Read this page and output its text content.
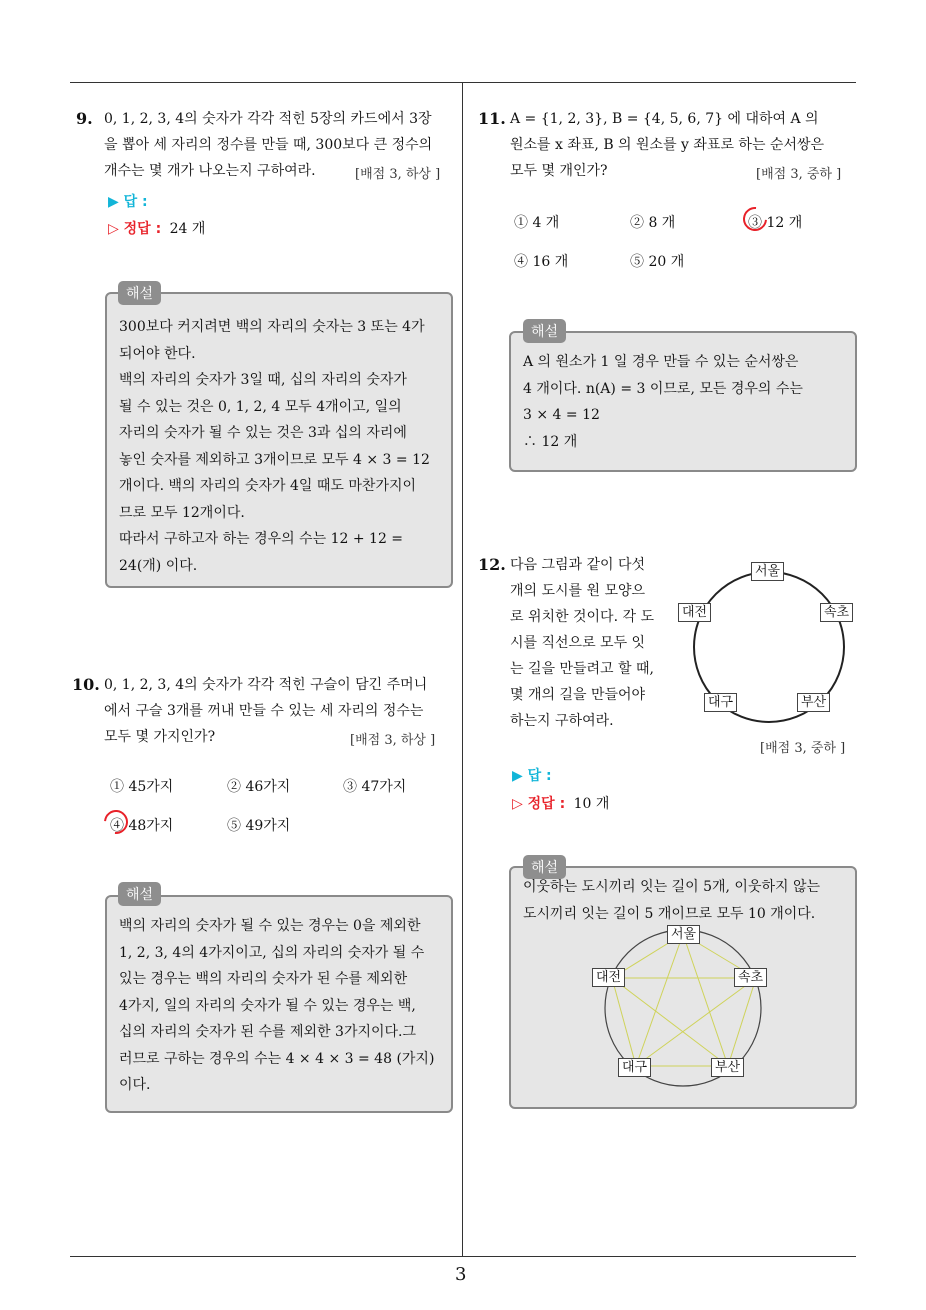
9. 0, 1, 2, 3, 4의 숫자가 각각 적힌 5장의 카드에서 3장
을 뽑아 세 자리의 정수를 만들 때, 300보다 큰 정수의
개수는 몇 개가 나오는지 구하여라.	[배점 3, 하상 ]
▶ 답 :
▷ 정답 : 24 개
300보다 커지려면 백의 자리의 숫자는 3 또는 4가
되어야 한다.
백의 자리의 숫자가 3일 때, 십의 자리의 숫자가
될 수 있는 것은 0, 1, 2, 4 모두 4개이고, 일의
자리의 숫자가 될 수 있는 것은 3과 십의 자리에
놓인 숫자를 제외하고 3개이므로 모두 4 × 3 = 12
개이다. 백의 자리의 숫자가 4일 때도 마찬가지이
므로 모두 12개이다.
따라서 구하고자 하는 경우의 수는 12 + 12 =
24(개) 이다.
해설
10. 0, 1, 2, 3, 4의 숫자가 각각 적힌 구슬이 담긴 주머니
에서 구슬 3개를 꺼내 만들 수 있는 세 자리의 정수는
모두 몇 가지인가?	[배점 3, 하상 ]
① 45가지	② 46가지	③ 47가지
④ 48가지	⑤ 49가지
백의 자리의 숫자가 될 수 있는 경우는 0을 제외한
1, 2, 3, 4의 4가지이고, 십의 자리의 숫자가 될 수
있는 경우는 백의 자리의 숫자가 된 수를 제외한
4가지, 일의 자리의 숫자가 될 수 있는 경우는 백,
십의 자리의 숫자가 된 수를 제외한 3가지이다.그
러므로 구하는 경우의 수는 4 × 4 × 3 = 48 (가지)
이다.
해설
11. A = {1, 2, 3}, B = {4, 5, 6, 7} 에 대하여 A 의
원소를 x 좌표, B 의 원소를 y 좌표로 하는 순서쌍은
모두 몇 개인가?	[배점 3, 중하 ]
① 4 개	② 8 개	③ 12 개
④ 16 개	⑤ 20 개
A 의 원소가 1 일 경우 만들 수 있는 순서쌍은
4 개이다. n(A) = 3 이므로, 모든 경우의 수는
3 × 4 = 12
∴ 12 개
해설
12. 다음 그림과 같이 다섯
개의 도시를 원 모양으
로 위치한 것이다. 각 도
시를 직선으로 모두 잇
는 길을 만들려고 할 때,
몇 개의 길을 만들어야
하는지 구하여라.
서울
대전	속초
대구	부산
[배점 3, 중하 ]
▶ 답 :
▷ 정답 : 10 개
이웃하는 도시끼리 잇는 길이 5개, 이웃하지 않는
도시끼리 잇는 길이 5 개이므로 모두 10 개이다.
해설
서울
대전	속초
대구	부산
3
